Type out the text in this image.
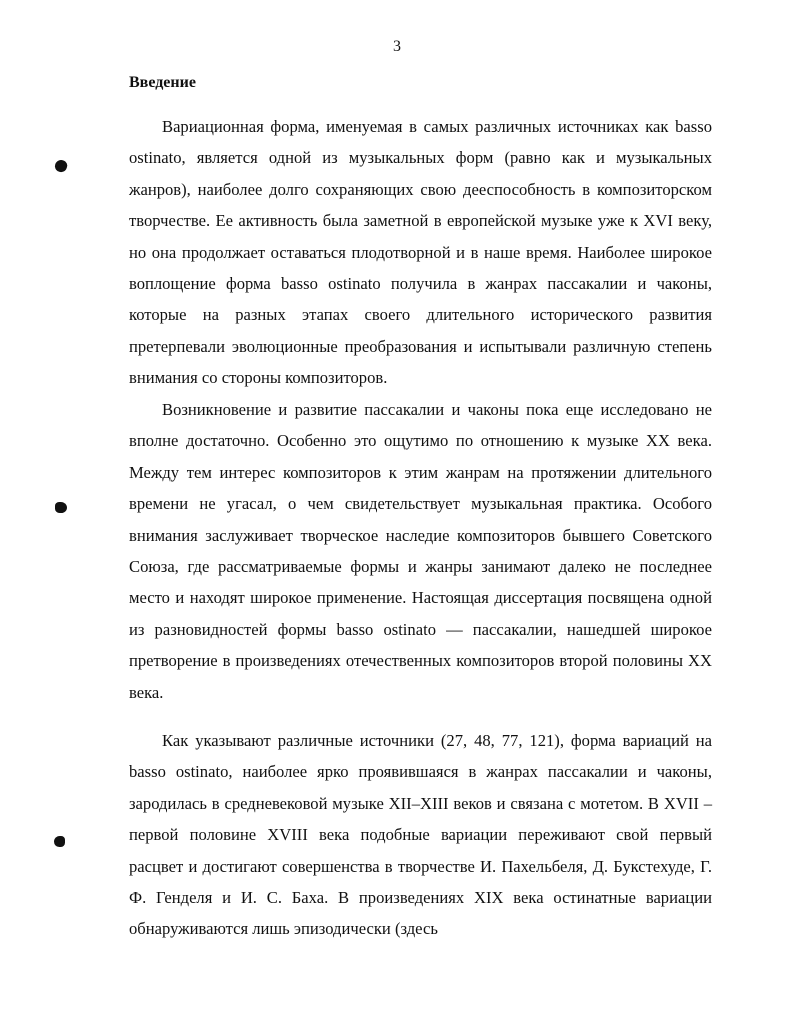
3
Введение

Вариационная форма, именуемая в самых различных источниках как basso ostinato, является одной из музыкальных форм (равно как и музыкальных жанров), наиболее долго сохраняющих свою дееспособность в композиторском творчестве. Ее активность была заметной в европейской музыке уже к XVI веку, но она продолжает оставаться плодотворной и в наше время. Наиболее широкое воплощение форма basso ostinato получила в жанрах пассакалии и чаконы, которые на разных этапах своего длительного исторического развития претерпевали эволюционные преобразования и испытывали различную степень внимания со стороны композиторов.

Возникновение и развитие пассакалии и чаконы пока еще исследовано не вполне достаточно. Особенно это ощутимо по отношению к музыке XX века. Между тем интерес композиторов к этим жанрам на протяжении длительного времени не угасал, о чем свидетельствует музыкальная практика. Особого внимания заслуживает творческое наследие композиторов бывшего Советского Союза, где рассматриваемые формы и жанры занимают далеко не последнее место и находят широкое применение. Настоящая диссертация посвящена одной из разновидностей формы basso ostinato — пассакалии, нашедшей широкое претворение в произведениях отечественных композиторов второй половины XX века.

Как указывают различные источники (27, 48, 77, 121), форма вариаций на basso ostinato, наиболее ярко проявившаяся в жанрах пассакалии и чаконы, зародилась в средневековой музыке XII–XIII веков и связана с мотетом. В XVII – первой половине XVIII века подобные вариации переживают свой первый расцвет и достигают совершенства в творчестве И. Пахельбеля, Д. Букстехуде, Г. Ф. Генделя и И. С. Баха. В произведениях XIX века остинатные вариации обнаруживаются лишь эпизодически (здесь
